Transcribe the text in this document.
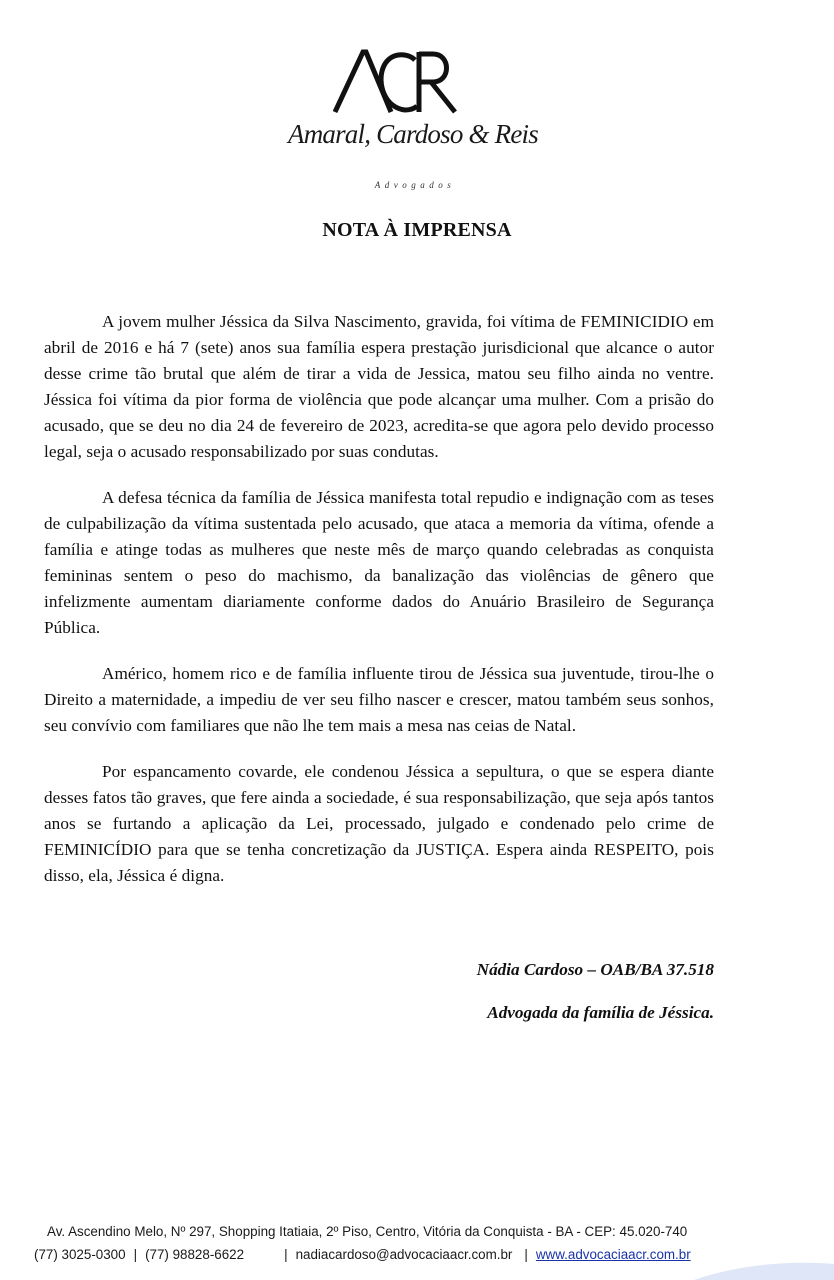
Amaral, Cardoso & Reis
Advogados
NOTA À IMPRENSA

A jovem mulher Jéssica da Silva Nascimento, gravida, foi vítima de FEMINICIDIO em abril de 2016 e há 7 (sete) anos sua família espera prestação jurisdicional que alcance o autor desse crime tão brutal que além de tirar a vida de Jessica, matou seu filho ainda no ventre. Jéssica foi vítima da pior forma de violência que pode alcançar uma mulher. Com a prisão do acusado, que se deu no dia 24 de fevereiro de 2023, acredita-se que agora pelo devido processo legal, seja o acusado responsabilizado por suas condutas.

A defesa técnica da família de Jéssica manifesta total repudio e indignação com as teses de culpabilização da vítima sustentada pelo acusado, que ataca a memoria da vítima, ofende a família e atinge todas as mulheres que neste mês de março quando celebradas as conquista femininas sentem o peso do machismo, da banalização das violências de gênero que infelizmente aumentam diariamente conforme dados do Anuário Brasileiro de Segurança Pública.

Américo, homem rico e de família influente tirou de Jéssica sua juventude, tirou-lhe o Direito a maternidade, a impediu de ver seu filho nascer e crescer, matou também seus sonhos, seu convívio com familiares que não lhe tem mais a mesa nas ceias de Natal.

Por espancamento covarde, ele condenou Jéssica a sepultura, o que se espera diante desses fatos tão graves, que fere ainda a sociedade, é sua responsabilização, que seja após tantos anos se furtando a aplicação da Lei, processado, julgado e condenado pelo crime de FEMINICÍDIO para que se tenha concretização da JUSTIÇA. Espera ainda RESPEITO, pois disso, ela, Jéssica é digna.

Nádia Cardoso – OAB/BA 37.518
Advogada da família de Jéssica.
Av. Ascendino Melo, Nº 297, Shopping Itatiaia, 2º Piso, Centro, Vitória da Conquista - BA - CEP: 45.020-740
(77) 3025-0300 | (77) 98828-6622	| nadiacardoso@advocaciaacr.com.br | www.advocaciaacr.com.br
